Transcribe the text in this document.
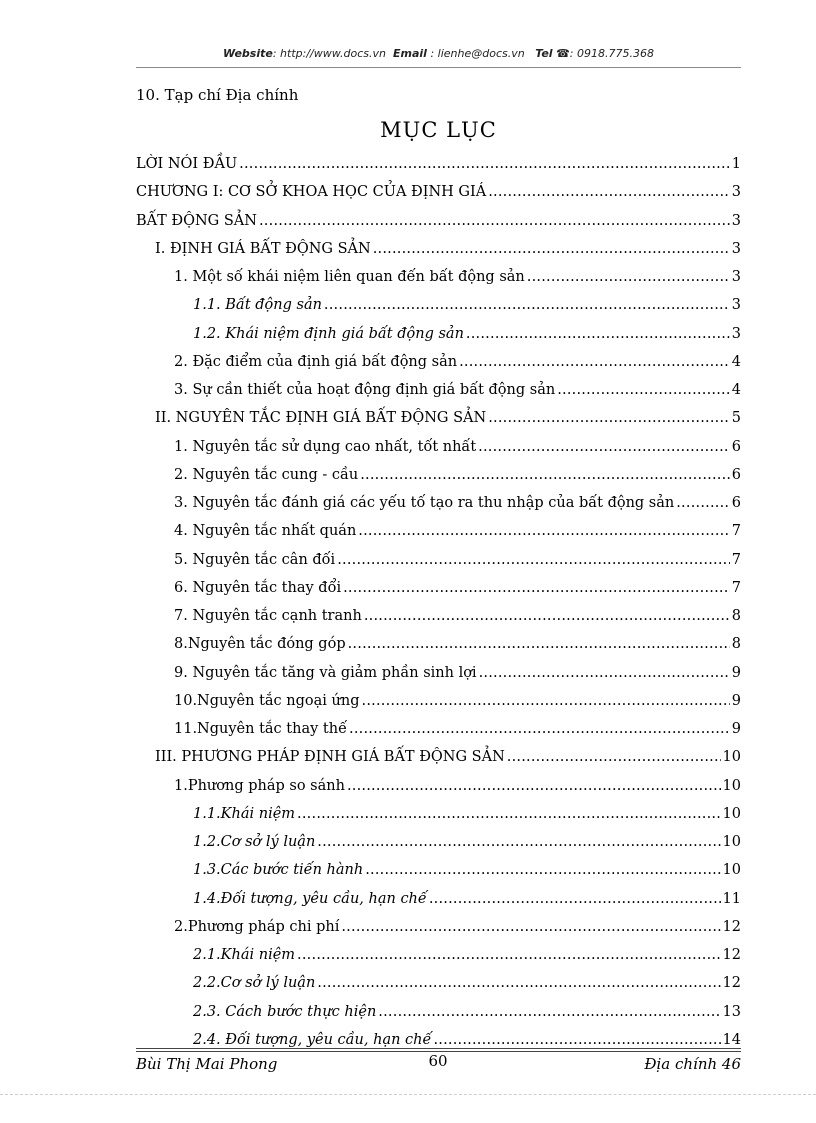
Website: http://www.docs.vn Email : lienhe@docs.vn Tel ☎: 0918.775.368
10. Tạp chí Địa chính
MỤC LỤC
LỜI NÓI ĐẦU . . .	1
CHƯƠNG I: CƠ SỞ KHOA HỌC CỦA ĐỊNH GIÁ . . .	3
BẤT ĐỘNG SẢN . . .	3
I. ĐỊNH GIÁ BẤT ĐỘNG SẢN . . .	3
1. Một số khái niệm liên quan đến bất động sản . . .	3
1.1. Bất động sản . . .	3
1.2. Khái niệm định giá bất động sản . . .	3
2. Đặc điểm của định giá bất động sản . . .	4
3. Sự cần thiết của hoạt động định giá bất động sản . . .	4
II. NGUYÊN TẮC ĐỊNH GIÁ BẤT ĐỘNG SẢN . . .	5
1. Nguyên tắc sử dụng cao nhất, tốt nhất . . .	6
2. Nguyên tắc cung - cầu . . .	6
3. Nguyên tắc đánh giá các yếu tố tạo ra thu nhập của bất động sản . . .	6
4. Nguyên tắc nhất quán . . .	7
5. Nguyên tắc cân đối . . .	7
6. Nguyên tắc thay đổi . . .	7
7. Nguyên tắc cạnh tranh . . .	8
8.Nguyên tắc đóng góp . . .	8
9. Nguyên tắc tăng và giảm phần sinh lợi . . .	9
10.Nguyên tắc ngoại ứng . . .	9
11.Nguyên tắc thay thế . . .	9
III. PHƯƠNG PHÁP ĐỊNH GIÁ BẤT ĐỘNG SẢN . . .	10
1.Phương pháp so sánh . . .	10
1.1.Khái niệm . . .	10
1.2.Cơ sở lý luận . . .	10
1.3.Các bước tiến hành . . .	10
1.4.Đối tượng, yêu cầu, hạn chế . . .	11
2.Phương pháp chi phí . . .	12
2.1.Khái niệm . . .	12
2.2.Cơ sở lý luận . . .	12
2.3. Cách bước thực hiện . . .	13
2.4. Đối tượng, yêu cầu, hạn chế . . .	14
Bùi Thị Mai Phong	60	Địa chính 46
